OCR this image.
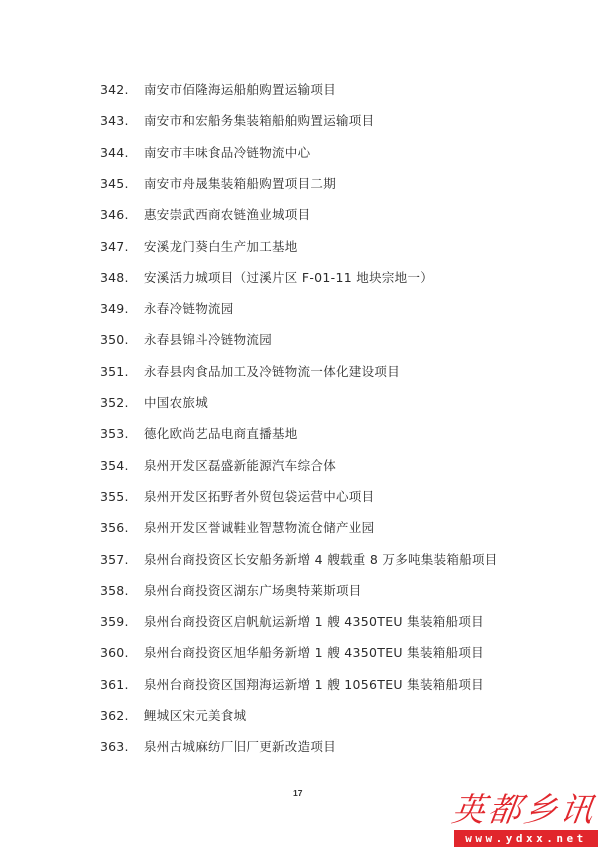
342.	南安市佰隆海运船舶购置运输项目
343.	南安市和宏船务集装箱船舶购置运输项目
344.	南安市丰味食品冷链物流中心
345.	南安市舟晟集装箱船购置项目二期
346.	惠安崇武西商农链渔业城项目
347.	安溪龙门葵白生产加工基地
348.	安溪活力城项目（过溪片区 F-01-11 地块宗地一）
349.	永春冷链物流园
350.	永春县锦斗冷链物流园
351.	永春县肉食品加工及冷链物流一体化建设项目
352.	中国农旅城
353.	德化欧尚艺品电商直播基地
354.	泉州开发区磊盛新能源汽车综合体
355.	泉州开发区拓野者外贸包袋运营中心项目
356.	泉州开发区誉诚鞋业智慧物流仓储产业园
357.	泉州台商投资区长安船务新增 4 艘载重 8 万多吨集装箱船项目
358.	泉州台商投资区湖东广场奥特莱斯项目
359.	泉州台商投资区启帆航运新增 1 艘 4350TEU 集装箱船项目
360.	泉州台商投资区旭华船务新增 1 艘 4350TEU 集装箱船项目
361.	泉州台商投资区国翔海运新增 1 艘 1056TEU 集装箱船项目
362.	鲤城区宋元美食城
363.	泉州古城麻纺厂旧厂更新改造项目
17	英都乡讯
www.ydxx.net
